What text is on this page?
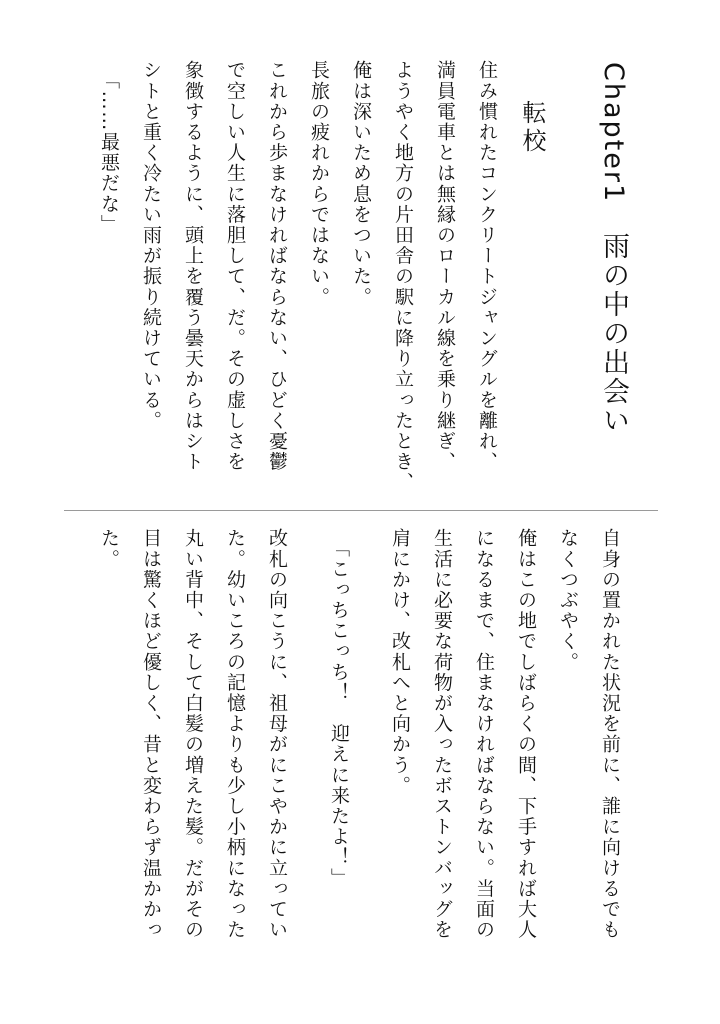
Chapter1　雨の中の出会い
転校
住み慣れたコンクリートジャングルを離れ、
満員電車とは無縁のローカル線を乗り継ぎ、
ようやく地方の片田舎の駅に降り立ったとき、
俺は深いため息をついた。
長旅の疲れからではない。
これから歩まなければならない、ひどく憂鬱
で空しい人生に落胆して、だ。その虚しさを
象徴するように、頭上を覆う曇天からはシト
シトと重く冷たい雨が振り続けている。
「……最悪だな」
自身の置かれた状況を前に、誰に向けるでも
なくつぶやく。
俺はこの地でしばらくの間、下手すれば大人
になるまで、住まなければならない。当面の
生活に必要な荷物が入ったボストンバッグを
肩にかけ、改札へと向かう。
「こっちこっち！　迎えに来たよ！」
改札の向こうに、祖母がにこやかに立ってい
た。幼いころの記憶よりも少し小柄になった
丸い背中、そして白髪の増えた髪。だがその
目は驚くほど優しく、昔と変わらず温かかっ
た。
